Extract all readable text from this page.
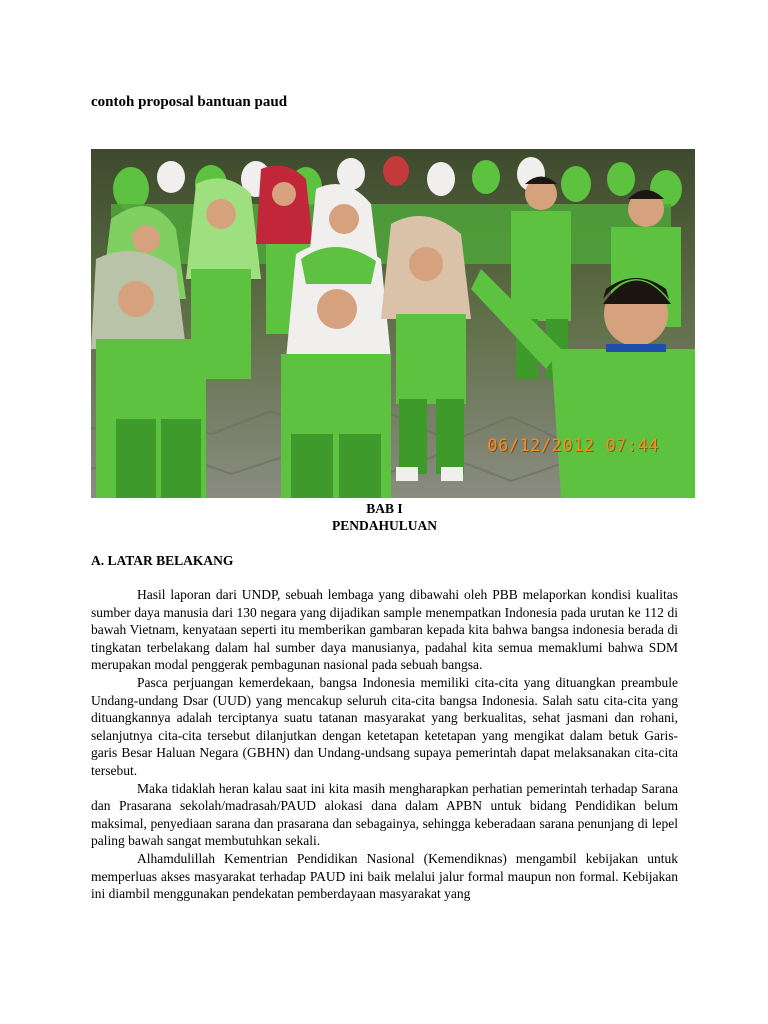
contoh proposal bantuan paud
06/12/2012 07:44
BAB I
PENDAHULUAN
A. LATAR BELAKANG

Hasil laporan dari UNDP, sebuah lembaga yang dibawahi oleh PBB melaporkan kondisi kualitas sumber daya manusia dari 130 negara yang dijadikan sample menempatkan Indonesia pada urutan ke 112 di bawah Vietnam, kenyataan seperti itu memberikan gambaran kepada kita bahwa bangsa indonesia berada di tingkatan terbelakang dalam hal sumber daya manusianya, padahal kita semua memaklumi bahwa SDM merupakan modal penggerak pembagunan nasional pada sebuah bangsa.

Pasca perjuangan kemerdekaan, bangsa Indonesia memiliki cita-cita yang dituangkan preambule Undang-undang Dsar (UUD) yang mencakup seluruh cita-cita bangsa Indonesia. Salah satu cita-cita yang dituangkannya adalah terciptanya suatu tatanan masyarakat yang berkualitas, sehat jasmani dan rohani, selanjutnya cita-cita tersebut dilanjutkan dengan ketetapan ketetapan yang mengikat dalam betuk Garis-garis Besar Haluan Negara (GBHN) dan Undang-undsang supaya pemerintah dapat melaksanakan cita-cita tersebut.

Maka tidaklah heran kalau saat ini kita masih mengharapkan perhatian pemerintah terhadap Sarana dan Prasarana sekolah/madrasah/PAUD alokasi dana dalam APBN untuk bidang Pendidikan belum maksimal, penyediaan sarana dan prasarana dan sebagainya, sehingga keberadaan sarana penunjang di lepel paling bawah sangat membutuhkan sekali.

Alhamdulillah Kementrian Pendidikan Nasional (Kemendiknas) mengambil kebijakan untuk memperluas akses masyarakat terhadap PAUD ini baik melalui jalur formal maupun non formal. Kebijakan ini diambil menggunakan pendekatan pemberdayaan masyarakat yang
